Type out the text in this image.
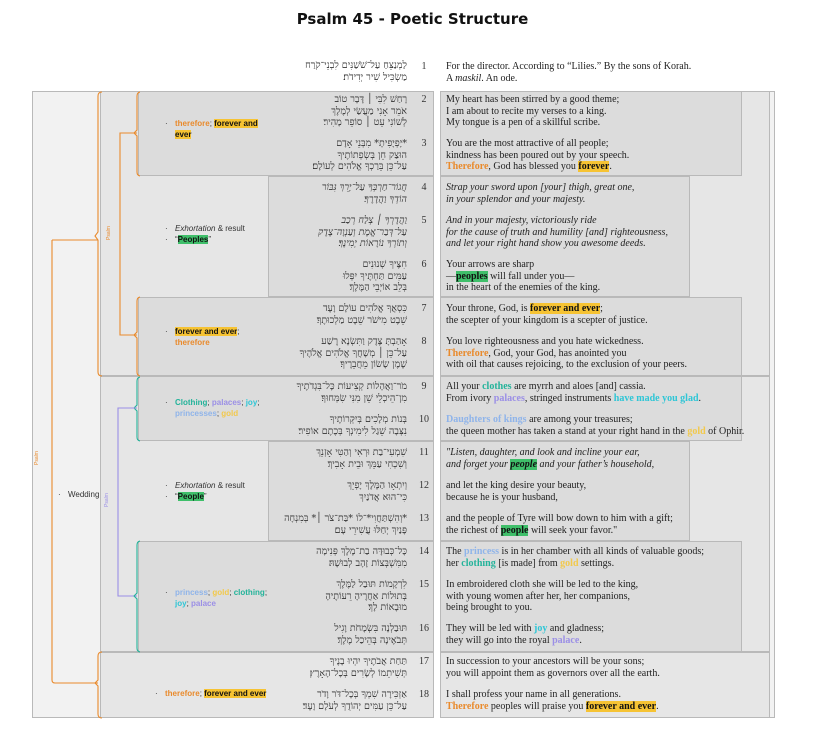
Psalm 45 - Poetic Structure
Psalm
Psalm
Psalm
· Wedding
· therefore; forever and
ever
· Exhortation & result
· “Peoples”
· forever and ever;
therefore
· Clothing; palaces; joy;
princesses; gold
· Exhortation & result
· “People”
· princess; gold; clothing;
joy; palace
· therefore; forever and ever
לַמְנַצֵּחַ עַל־שֹׁשַׁנִּים לִבְנֵי־קֹרַח
מַשְׂכִּיל שִׁיר יְדִידֹת׃
1	For the director. According to “Lilies.” By the sons of Korah.
A maskil. An ode.
רָחַשׁ לִבִּי ׀ דָּבָר טוֹב
אֹמֵר אָנִי מַעֲשַׂי לְמֶלֶךְ
לְשׁוֹנִי עֵט ׀ סוֹפֵר מָהִיר׃
2	My heart has been stirred by a good theme;
I am about to recite my verses to a king.
My tongue is a pen of a skillful scribe.
*יָפְיָפִיתָ* מִבְּנֵי אָדָם
הוּצַק חֵן בְּשְׂפְתוֹתֶיךָ
עַל־כֵּן בֵּרַכְךָ אֱלֹהִים לְעוֹלָם׃
3	You are the most attractive of all people;
kindness has been poured out by your speech.
Therefore, God has blessed you forever.
חֲגוֹר־חַרְבְּךָ עַל־יָרֵךְ גִּבּוֹר
הוֹדְךָ וַהֲדָרֶךָ׃
4	Strap your sword upon [your] thigh, great one,
in your splendor and your majesty.
וַהֲדָרְךָ ׀ צְלַח רְכַב
עַל־דְּבַר־אֱמֶת וְעַנְוָה־צֶדֶק
וְתוֹרְךָ נוֹרָאוֹת יְמִינֶךָ׃
5	And in your majesty, victoriously ride
for the cause of truth and humility [and] righteousness,
and let your right hand show you awesome deeds.
חִצֶּיךָ שְׁנוּנִים
עַמִּים תַּחְתֶּיךָ יִפְּלוּ
בְּלֵב אוֹיְבֵי הַמֶּלֶךְ׃
6	Your arrows are sharp
—peoples will fall under you—
in the heart of the enemies of the king.
כִּסְאֲךָ אֱלֹהִים עוֹלָם וָעֶד
שֵׁבֶט מִישֹׁר שֵׁבֶט מַלְכוּתֶךָ׃
7	Your throne, God, is forever and ever;
the scepter of your kingdom is a scepter of justice.
אָהַבְתָּ צֶּדֶק וַתִּשְׂנָא רֶשַׁע
עַל־כֵּן ׀ מְשָׁחֲךָ אֱלֹהִים אֱלֹהֶיךָ
שֶׁמֶן שָׂשׂוֹן מֵחֲבֵרֶיךָ׃
8	You love righteousness and you hate wickedness.
Therefore, God, your God, has anointed you
with oil that causes rejoicing, to the exclusion of your peers.
מֹר־וַאֲהָלוֹת קְצִיעוֹת כָּל־בִּגְדֹתֶיךָ
מִן־הֵיכְלֵי שֵׁן מִנִּי שִׂמְּחוּךָ׃
9	All your clothes are myrrh and aloes [and] cassia.
From ivory palaces, stringed instruments have made you glad.
בְּנוֹת מְלָכִים בְּיִקְּרוֹתֶיךָ
נִצְּבָה שֵׁגַל לִימִינְךָ בְּכֶתֶם אוֹפִיר׃
10	Daughters of kings are among your treasures;
the queen mother has taken a stand at your right hand in the gold of Ophir.
שִׁמְעִי־בַת וּרְאִי וְהַטִּי אָזְנֵךְ
וְשִׁכְחִי עַמֵּךְ וּבֵית אָבִיךְ׃
11	"Listen, daughter, and look and incline your ear,
and forget your people and your father’s household,
וְיִתְאָו הַמֶּלֶךְ יָפְיֵךְ
כִּי־הוּא אֲדֹנַיִךְ
12	and let the king desire your beauty,
because he is your husband,
*וְהִשְׁתַּחֲוִי*־לוֹ *בַּת־צֹר ׀* בְּמִנְחָה
פָּנַיִךְ יְחַלּוּ עֲשִׁירֵי עָם׃
13	and the people of Tyre will bow down to him with a gift;
the richest of people will seek your favor."
כָּל־כְּבוּדָּה בַת־מֶלֶךְ פְּנִימָה
מִמִּשְׁבְּצוֹת זָהָב לְבוּשָׁהּ׃
14	The princess is in her chamber with all kinds of valuable goods;
her clothing [is made] from gold settings.
לִרְקָמוֹת תּוּבַל לַמֶּלֶךְ
בְּתוּלוֹת אַחֲרֶיהָ רֵעוֹתֶיהָ
מוּבָאוֹת לָךְ׃
15	In embroidered cloth she will be led to the king,
with young women after her, her companions,
being brought to you.
תּוּבַלְנָה בִּשְׂמָחֹת וָגִיל
תְּבֹאֶינָה בְּהֵיכַל מֶלֶךְ׃
16	They will be led with joy and gladness;
they will go into the royal palace.
תַּחַת אֲבֹתֶיךָ יִהְיוּ בָנֶיךָ
תְּשִׁיתֵמוֹ לְשָׂרִים בְּכָל־הָאָרֶץ׃
17	In succession to your ancestors will be your sons;
you will appoint them as governors over all the earth.
אַזְכִּירָה שִׁמְךָ בְּכָל־דֹּר וָדֹר
עַל־כֵּן עַמִּים יְהוֹדֻךָ לְעֹלָם וָעֶד׃
18	I shall profess your name in all generations.
Therefore peoples will praise you forever and ever.
